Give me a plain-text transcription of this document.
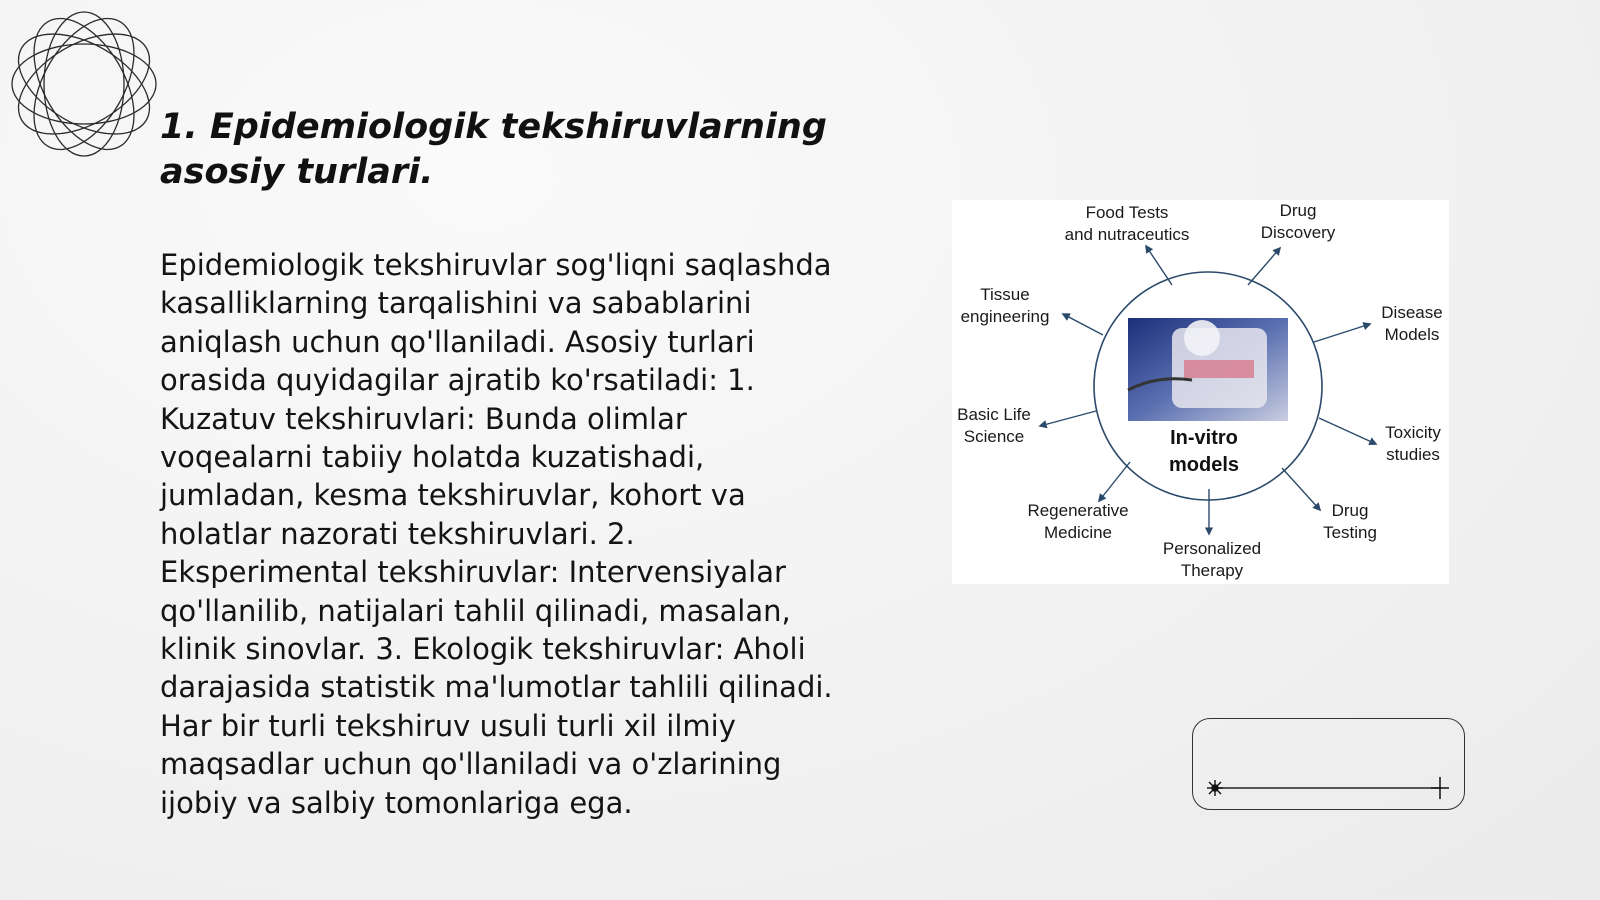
1. Epidemiologik tekshiruvlarning asosiy turlari.

Epidemiologik tekshiruvlar sog'liqni saqlashda kasalliklarning tarqalishini va sabablarini aniqlash uchun qo'llaniladi. Asosiy turlari orasida quyidagilar ajratib ko'rsatiladi: 1. Kuzatuv tekshiruvlari: Bunda olimlar voqealarni tabiiy holatda kuzatishadi, jumladan, kesma tekshiruvlar, kohort va holatlar nazorati tekshiruvlari. 2. Eksperimental tekshiruvlar: Intervensiyalar qo'llanilib, natijalari tahlil qilinadi, masalan, klinik sinovlar. 3. Ekologik tekshiruvlar: Aholi darajasida statistik ma'lumotlar tahlili qilinadi. Har bir turli tekshiruv usuli turli xil ilmiy maqsadlar uchun qo'llaniladi va o'zlarining ijobiy va salbiy tomonlariga ega.

In-vitro
models
Food Tests
and nutraceutics
Drug
Discovery
Tissue
engineering	Disease
Models
Basic Life
Science	Toxicity
studies
Regenerative
Medicine
Drug
Testing
Personalized
Therapy
